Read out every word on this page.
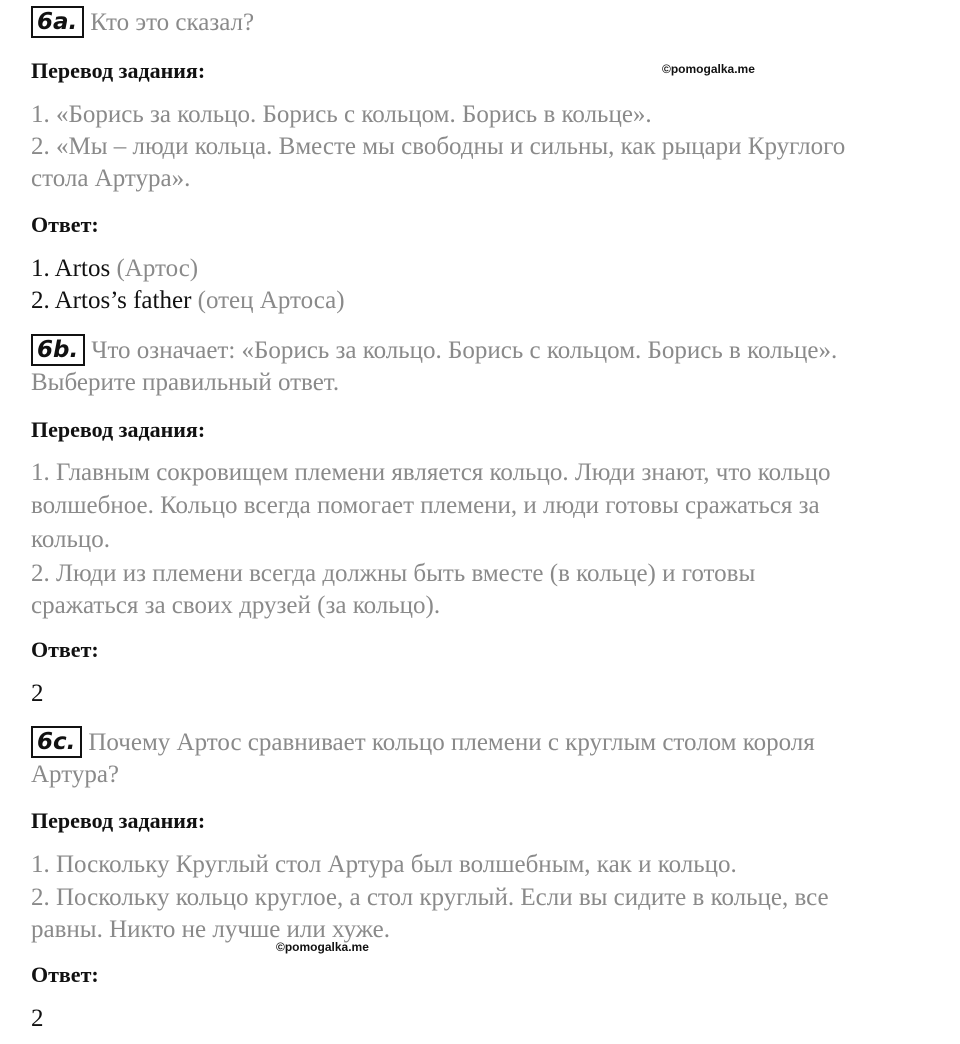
6a. Кто это сказал?
Перевод задания:	©pomogalka.me
1. «Борись за кольцо. Борись с кольцом. Борись в кольце».
2. «Мы – люди кольца. Вместе мы свободны и сильны, как рыцари Круглого
стола Артура».
Ответ:
1. Artos (Артос)
2. Artos’s father (отец Артоса)
6b. Что означает: «Борись за кольцо. Борись с кольцом. Борись в кольце».
Выберите правильный ответ.
Перевод задания:
1. Главным сокровищем племени является кольцо. Люди знают, что кольцо
волшебное. Кольцо всегда помогает племени, и люди готовы сражаться за
кольцо.
2. Люди из племени всегда должны быть вместе (в кольце) и готовы
сражаться за своих друзей (за кольцо).
Ответ:
2
6c. Почему Артос сравнивает кольцо племени с круглым столом короля
Артура?
Перевод задания:
1. Поскольку Круглый стол Артура был волшебным, как и кольцо.
2. Поскольку кольцо круглое, а стол круглый. Если вы сидите в кольце, все
равны. Никто не лучше или хуже.
©pomogalka.me
Ответ:
2
